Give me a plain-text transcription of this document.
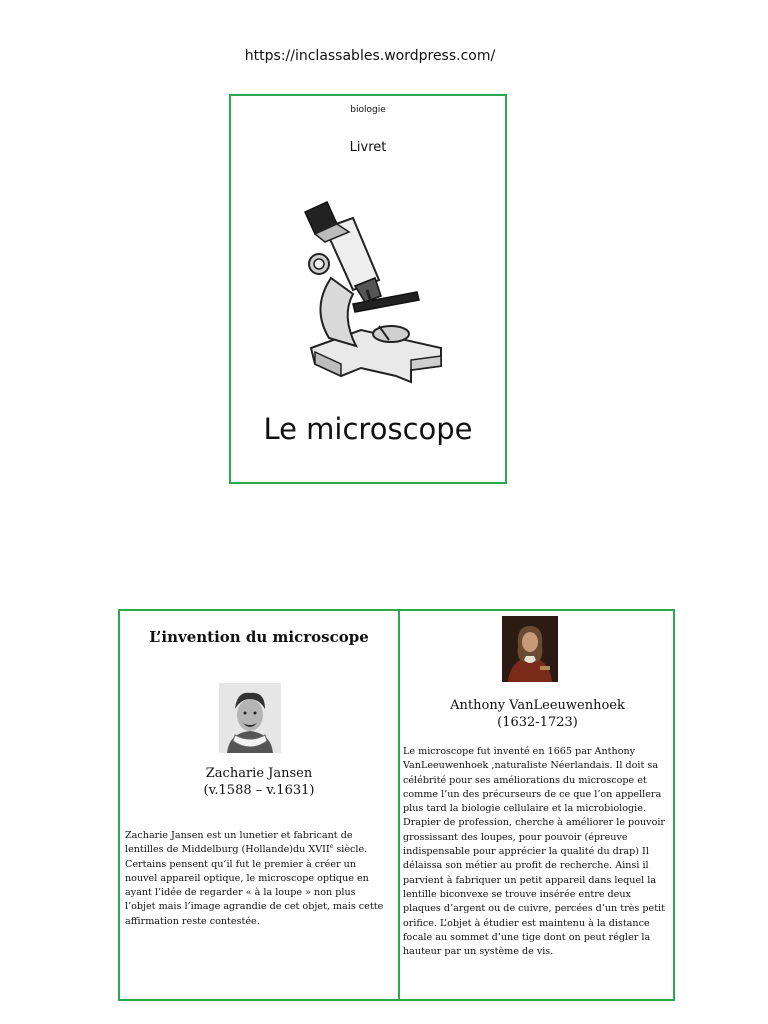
https://inclassables.wordpress.com/
biologie
Livret
Le microscope
L’invention du microscope
Zacharie Jansen
(v.1588 – v.1631)
Zacharie Jansen est un lunetier et fabricant de lentilles de Middelburg (Hollande)du XVIIe siècle. Certains pensent qu’il fut le premier à créer un nouvel appareil optique, le microscope optique en ayant l’idée de regarder « à la loupe » non plus l’objet mais l’image agrandie de cet objet, mais cette affirmation reste contestée.
Anthony VanLeeuwenhoek
(1632-1723)
Le microscope fut inventé en 1665 par Anthony VanLeeuwenhoek ,naturaliste Néerlandais. Il doit sa célébrité pour ses améliorations du microscope et comme l’un des précurseurs de ce que l’on appellera plus tard la biologie cellulaire et la microbiologie. Drapier de profession, cherche à améliorer le pouvoir grossissant des loupes, pour pouvoir (épreuve indispensable pour apprécier la qualité du drap) Il délaissa son métier au profit de recherche. Ainsi il parvient à fabriquer un petit appareil dans lequel la lentille biconvexe se trouve insérée entre deux plaques d’argent ou de cuivre, percées d’un très petit orifice. L’objet à étudier est maintenu à la distance focale au sommet d’une tige dont on peut régler la hauteur par un système de vis.
